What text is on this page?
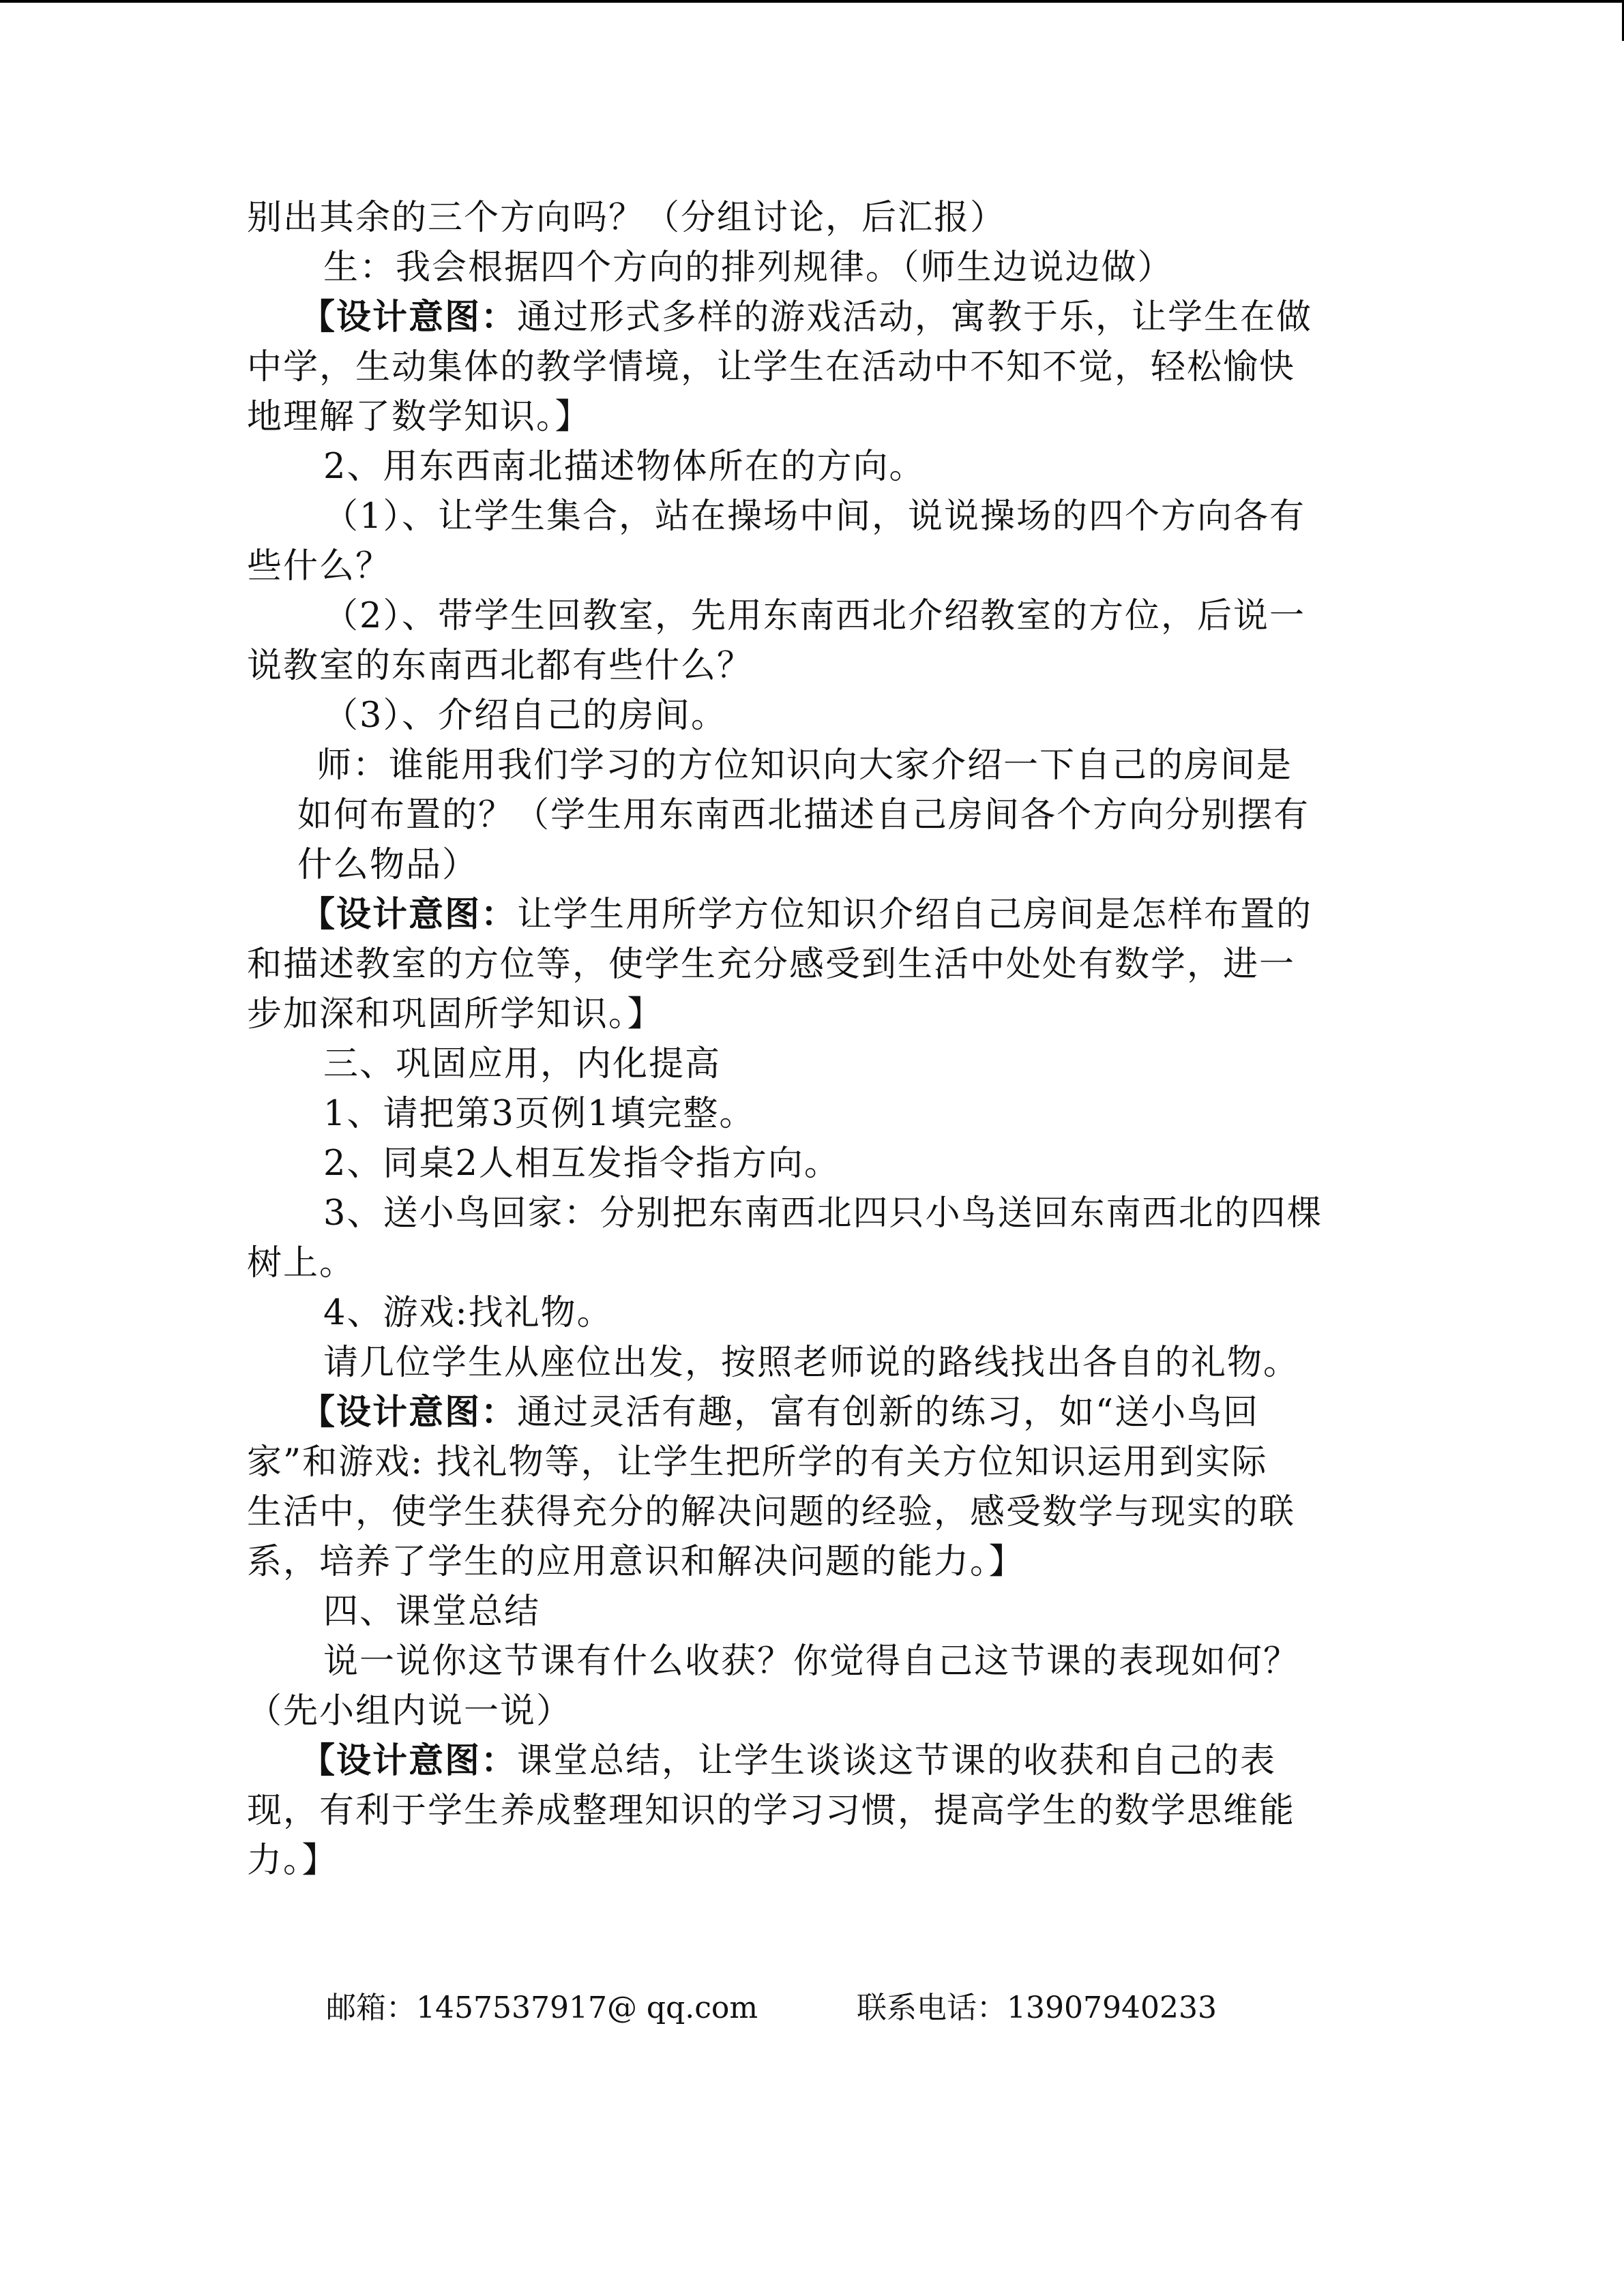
别出其余的三个方向吗？（分组讨论，后汇报）
生：我会根据四个方向的排列规律。（师生边说边做）
【设计意图：通过形式多样的游戏活动，寓教于乐，让学生在做
中学，生动集体的教学情境，让学生在活动中不知不觉，轻松愉快
地理解了数学知识。】
2、用东西南北描述物体所在的方向。
（1）、让学生集合，站在操场中间，说说操场的四个方向各有
些什么？
（2）、带学生回教室，先用东南西北介绍教室的方位，后说一
说教室的东南西北都有些什么？
（3）、介绍自己的房间。
师：谁能用我们学习的方位知识向大家介绍一下自己的房间是
如何布置的？（学生用东南西北描述自己房间各个方向分别摆有
什么物品）
【设计意图：让学生用所学方位知识介绍自己房间是怎样布置的
和描述教室的方位等，使学生充分感受到生活中处处有数学，进一
步加深和巩固所学知识。】
三、巩固应用，内化提高
1、请把第3页例1填完整。
2、同桌2人相互发指令指方向。
3、送小鸟回家：分别把东南西北四只小鸟送回东南西北的四棵
树上。
4、游戏:找礼物。
请几位学生从座位出发，按照老师说的路线找出各自的礼物。
【设计意图：通过灵活有趣，富有创新的练习，如“送小鸟回
家”和游戏: 找礼物等，让学生把所学的有关方位知识运用到实际
生活中，使学生获得充分的解决问题的经验，感受数学与现实的联
系，培养了学生的应用意识和解决问题的能力。】
四、课堂总结
说一说你这节课有什么收获？你觉得自己这节课的表现如何？
（先小组内说一说）
【设计意图：课堂总结，让学生谈谈这节课的收获和自己的表
现，有利于学生养成整理知识的学习习惯，提高学生的数学思维能
力。】
邮箱：1457537917@ qq.com	联系电话：13907940233
